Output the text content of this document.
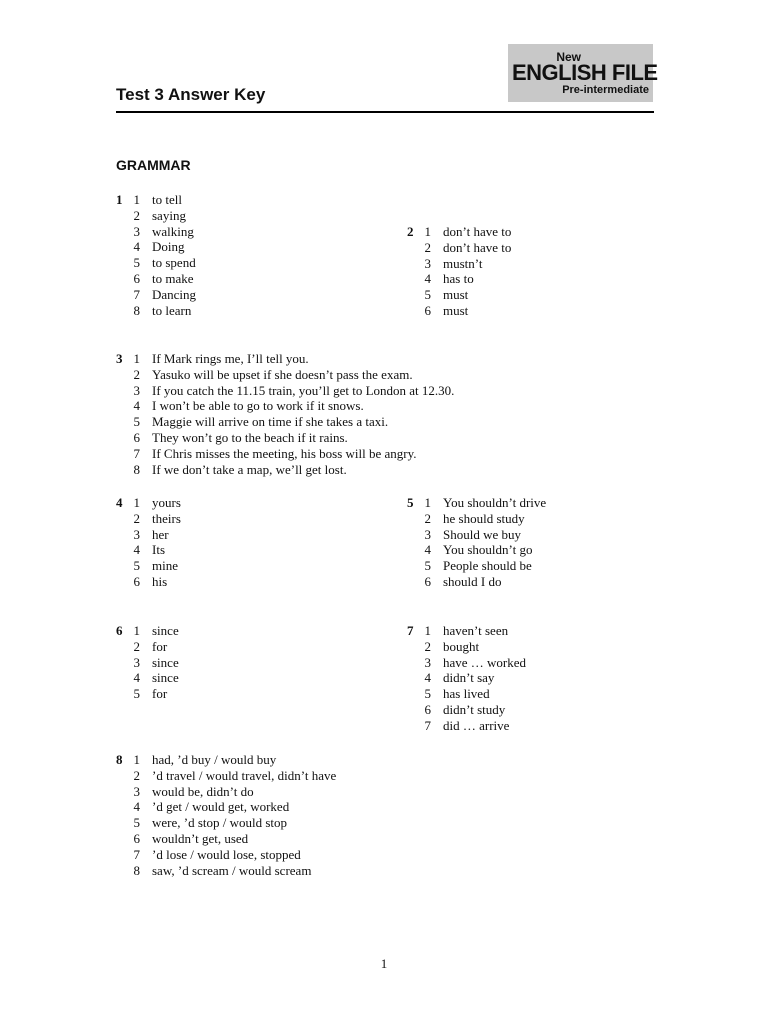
New
ENGLISH FILE
Pre-intermediate
Test 3 Answer Key
GRAMMAR
1 1 to tell
2 saying
3 walking
4 Doing
5 to spend
6 to make
7 Dancing
8 to learn
2 1 don’t have to
2 don’t have to
3 mustn’t
4 has to
5 must
6 must
3 1 If Mark rings me, I’ll tell you.
2 Yasuko will be upset if she doesn’t pass the exam.
3 If you catch the 11.15 train, you’ll get to London at 12.30.
4 I won’t be able to go to work if it snows.
5 Maggie will arrive on time if she takes a taxi.
6 They won’t go to the beach if it rains.
7 If Chris misses the meeting, his boss will be angry.
8 If we don’t take a map, we’ll get lost.
4 1 yours
2 theirs
3 her
4 Its
5 mine
6 his
5 1 You shouldn’t drive
2 he should study
3 Should we buy
4 You shouldn’t go
5 People should be
6 should I do
6 1 since
2 for
3 since
4 since
5 for
7 1 haven’t seen
2 bought
3 have … worked
4 didn’t say
5 has lived
6 didn’t study
7 did … arrive
8 1 had, ’d buy / would buy
2 ’d travel / would travel, didn’t have
3 would be, didn’t do
4 ’d get / would get, worked
5 were, ’d stop / would stop
6 wouldn’t get, used
7 ’d lose / would lose, stopped
8 saw, ’d scream / would scream
1
